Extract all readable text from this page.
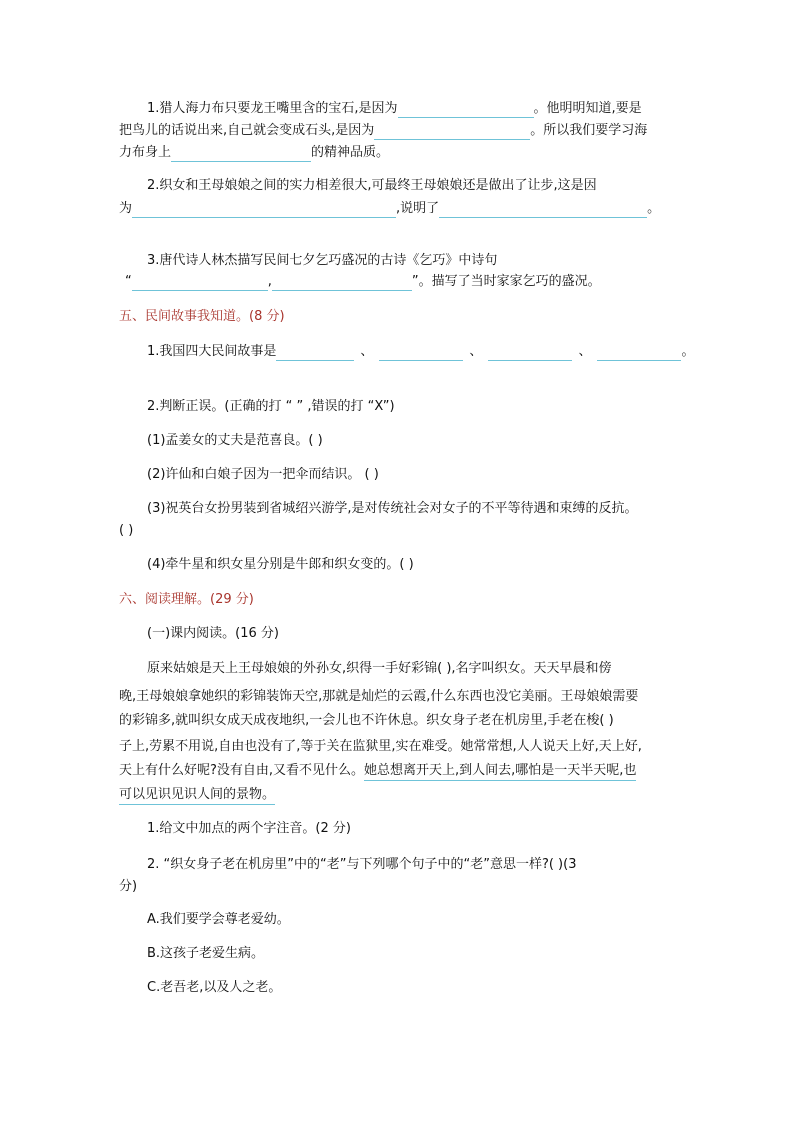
1.猎人海力布只要龙王嘴里含的宝石,是因为	。他明明知道,要是
把鸟儿的话说出来,自己就会变成石头,是因为	。所以我们要学习海
力布身上	的精神品质。
2.织女和王母娘娘之间的实力相差很大,可最终王母娘娘还是做出了让步,这是因
为	,说明了	。
3.唐代诗人林杰描写民间七夕乞巧盛况的古诗《乞巧》中诗句
“	,	”。描写了当时家家乞巧的盛况。
五、民间故事我知道。(8 分)
1.我国四大民间故事是	、	、	、	。
2.判断正误。(正确的打 “ ” ,错误的打 “X”)
(1)孟姜女的丈夫是范喜良。( )
(2)许仙和白娘子因为一把伞而结识。 ( )
(3)祝英台女扮男装到省城绍兴游学,是对传统社会对女子的不平等待遇和束缚的反抗。
( )
(4)牵牛星和织女星分别是牛郎和织女变的。( )
六、阅读理解。(29 分)
(一)课内阅读。(16 分)
原来姑娘是天上王母娘娘的外孙女,织得一手好彩锦( ),名字叫织女。天天早晨和傍
晚,王母娘娘拿她织的彩锦装饰天空,那就是灿烂的云霞,什么东西也没它美丽。王母娘娘需要
的彩锦多,就叫织女成天成夜地织,一会儿也不许休息。织女身子老在机房里,手老在梭( )
子上,劳累不用说,自由也没有了,等于关在监狱里,实在难受。她常常想,人人说天上好,天上好,
天上有什么好呢?没有自由,又看不见什么。她总想离开天上,到人间去,哪怕是一天半天呢,也
可以见识见识人间的景物。
1.给文中加点的两个字注音。(2 分)
2. “织女身子老在机房里”中的“老”与下列哪个句子中的“老”意思一样?( )(3
分)
A.我们要学会尊老爱幼。
B.这孩子老爱生病。
C.老吾老,以及人之老。
